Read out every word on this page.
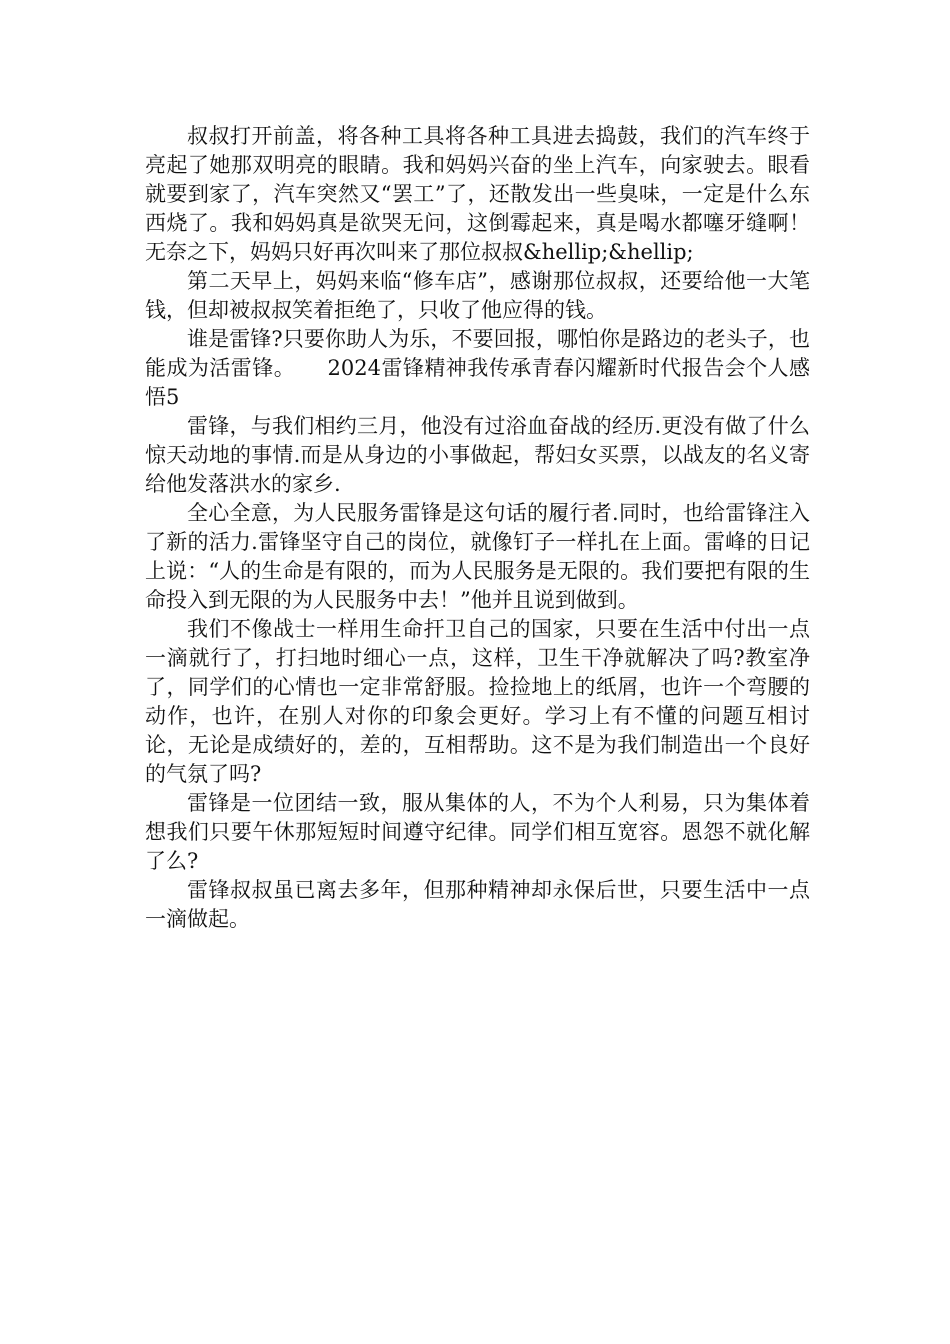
叔叔打开前盖，将各种工具将各种工具进去捣鼓，我们的汽车终于亮起了她那双明亮的眼睛。我和妈妈兴奋的坐上汽车，向家驶去。眼看就要到家了，汽车突然又“罢工”了，还散发出一些臭味，一定是什么东西烧了。我和妈妈真是欲哭无问，这倒霉起来，真是喝水都噻牙缝啊！无奈之下，妈妈只好再次叫来了那位叔叔&hellip;&hellip;

第二天早上，妈妈来临“修车店”，感谢那位叔叔，还要给他一大笔钱，但却被叔叔笑着拒绝了，只收了他应得的钱。

谁是雷锋?只要你助人为乐，不要回报，哪怕你是路边的老头子，也能成为活雷锋。　　2024雷锋精神我传承青春闪耀新时代报告会个人感悟5

雷锋，与我们相约三月，他没有过浴血奋战的经历.更没有做了什么惊天动地的事情.而是从身边的小事做起，帮妇女买票，以战友的名义寄给他发落洪水的家乡.

全心全意，为人民服务雷锋是这句话的履行者.同时，也给雷锋注入了新的活力.雷锋坚守自己的岗位，就像钉子一样扎在上面。雷峰的日记上说：“人的生命是有限的，而为人民服务是无限的。我们要把有限的生命投入到无限的为人民服务中去！”他并且说到做到。

我们不像战士一样用生命扞卫自己的国家，只要在生活中付出一点一滴就行了，打扫地时细心一点，这样，卫生干净就解决了吗?教室净了，同学们的心情也一定非常舒服。捡捡地上的纸屑，也许一个弯腰的动作，也许，在别人对你的印象会更好。学习上有不懂的问题互相讨论，无论是成绩好的，差的，互相帮助。这不是为我们制造出一个良好的气氛了吗?

雷锋是一位团结一致，服从集体的人，不为个人利易，只为集体着想我们只要午休那短短时间遵守纪律。同学们相互宽容。恩怨不就化解了么?

雷锋叔叔虽已离去多年，但那种精神却永保后世，只要生活中一点一滴做起。
